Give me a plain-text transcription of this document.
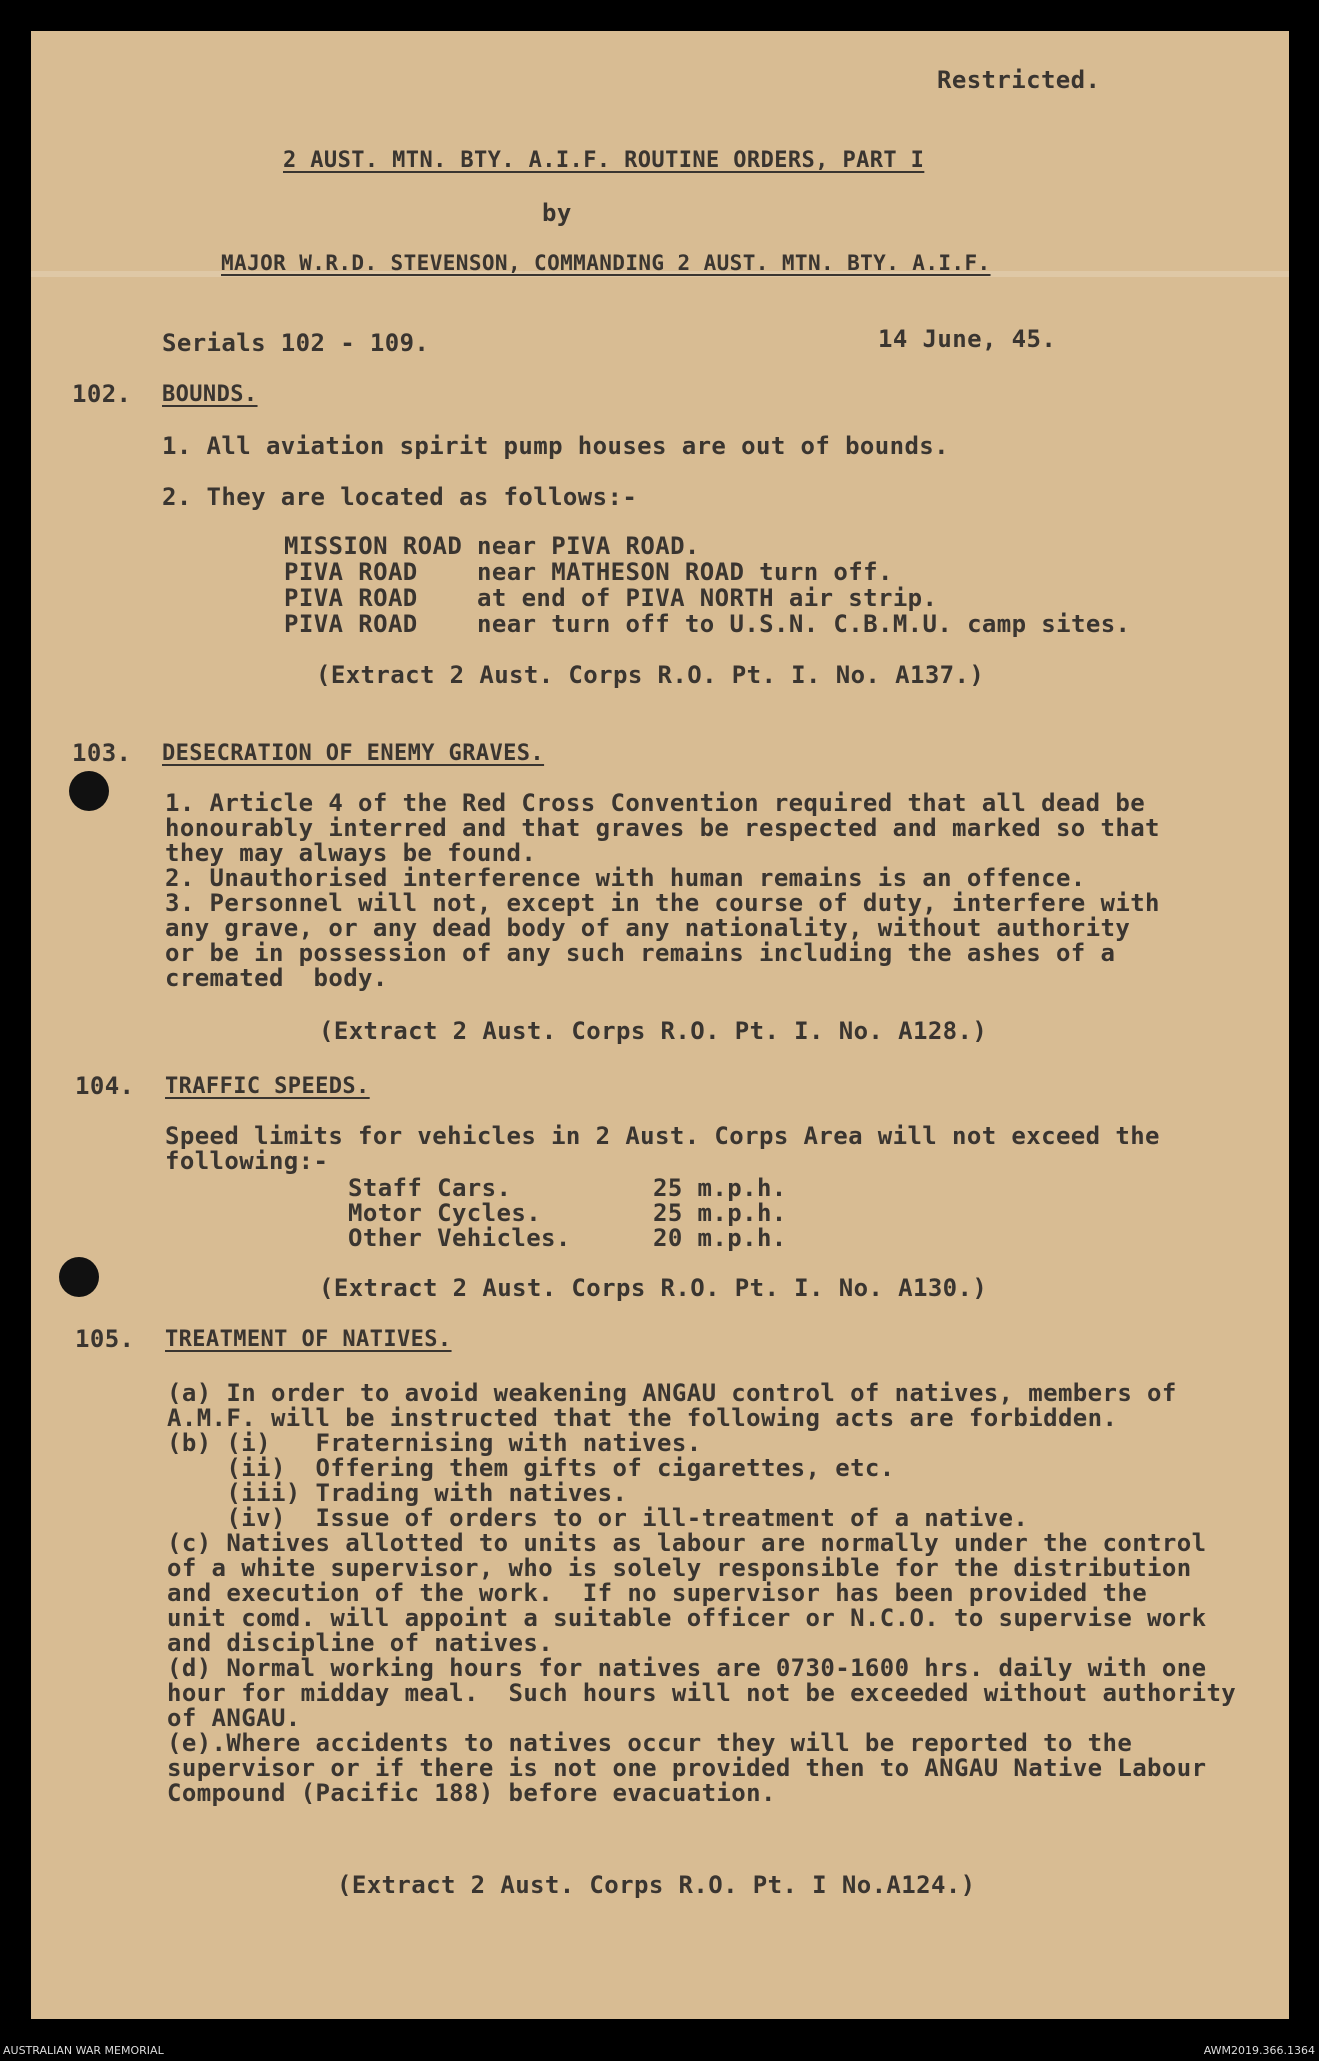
Restricted.
2 AUST. MTN. BTY. A.I.F. ROUTINE ORDERS, PART I
by
MAJOR W.R.D. STEVENSON, COMMANDING 2 AUST. MTN. BTY. A.I.F.
Serials 102 - 109.	14 June, 45.
102. BOUNDS.
1. All aviation spirit pump houses are out of bounds.
2. They are located as follows:-
MISSION ROAD near PIVA ROAD.
PIVA ROAD    near MATHESON ROAD turn off.
PIVA ROAD    at end of PIVA NORTH air strip.
PIVA ROAD    near turn off to U.S.N. C.B.M.U. camp sites.
(Extract 2 Aust. Corps R.O. Pt. I. No. A137.)
103. DESECRATION OF ENEMY GRAVES.
1. Article 4 of the Red Cross Convention required that all dead be
honourably interred and that graves be respected and marked so that
they may always be found.
2. Unauthorised interference with human remains is an offence.
3. Personnel will not, except in the course of duty, interfere with
any grave, or any dead body of any nationality, without authority
or be in possession of any such remains including the ashes of a
cremated  body.
(Extract 2 Aust. Corps R.O. Pt. I. No. A128.)
104. TRAFFIC SPEEDS.
Speed limits for vehicles in 2 Aust. Corps Area will not exceed the
following:-
Staff Cars.	25 m.p.h.
Motor Cycles.	25 m.p.h.
Other Vehicles.	20 m.p.h.
(Extract 2 Aust. Corps R.O. Pt. I. No. A130.)
105. TREATMENT OF NATIVES.
(a) In order to avoid weakening ANGAU control of natives, members of
A.M.F. will be instructed that the following acts are forbidden.
(b) (i)   Fraternising with natives.
(ii)  Offering them gifts of cigarettes, etc.
(iii) Trading with natives.
(iv)  Issue of orders to or ill-treatment of a native.
(c) Natives allotted to units as labour are normally under the control
of a white supervisor, who is solely responsible for the distribution
and execution of the work.  If no supervisor has been provided the
unit comd. will appoint a suitable officer or N.C.O. to supervise work
and discipline of natives.
(d) Normal working hours for natives are 0730-1600 hrs. daily with one
hour for midday meal.  Such hours will not be exceeded without authority
of ANGAU.
(e).Where accidents to natives occur they will be reported to the
supervisor or if there is not one provided then to ANGAU Native Labour
Compound (Pacific 188) before evacuation.
(Extract 2 Aust. Corps R.O. Pt. I No.A124.)
AUSTRALIAN WAR MEMORIAL	AWM2019.366.1364
